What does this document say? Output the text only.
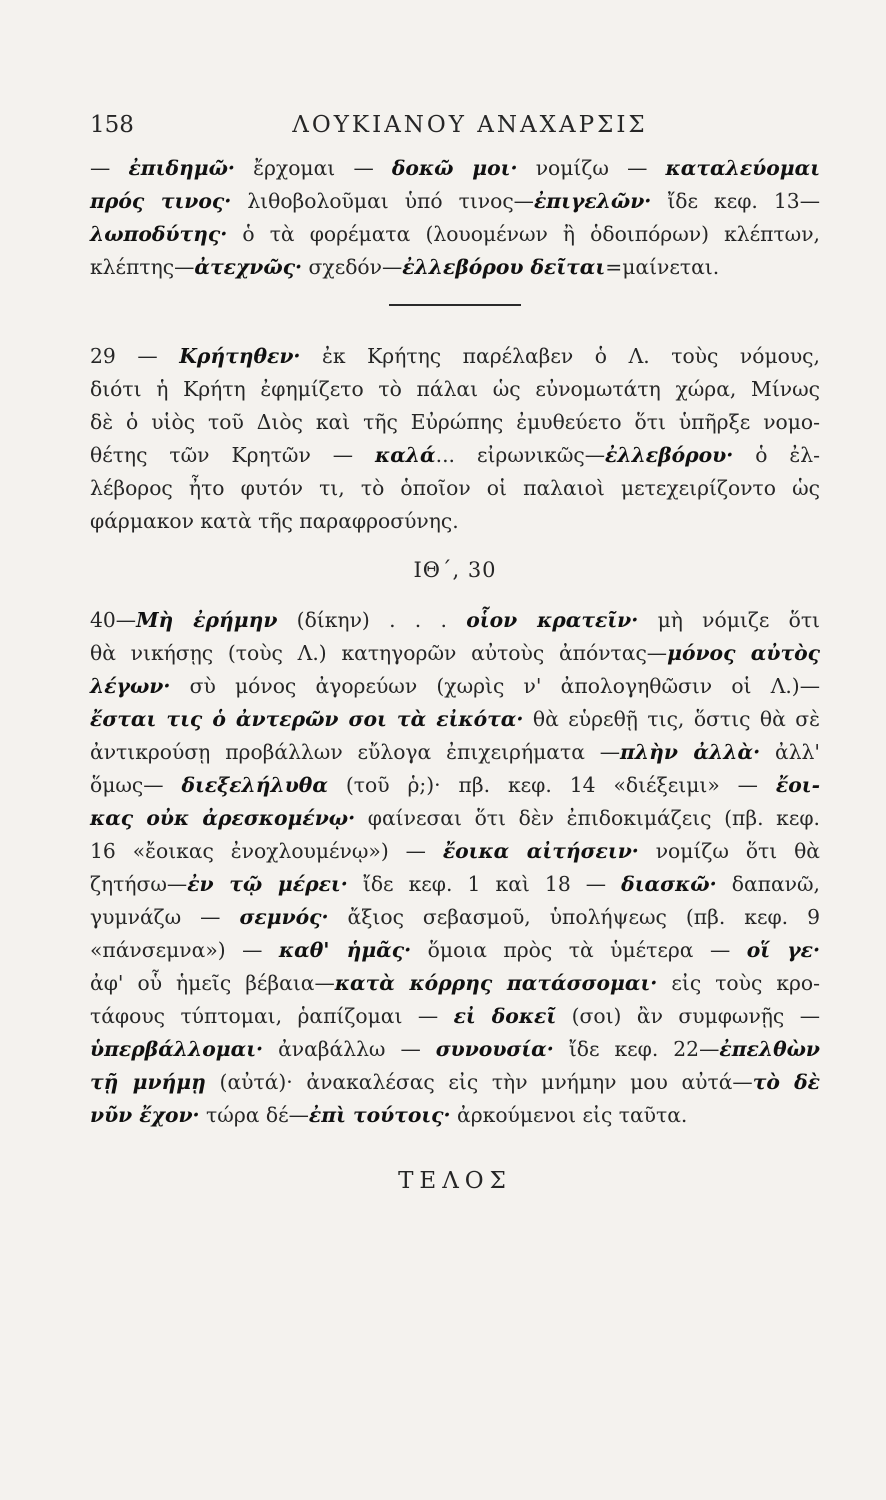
158	ΛΟΥΚΙΑΝΟΥ ΑΝΑΧΑΡΣΙΣ
— ἐπιδημῶ· ἔρχομαι — δοκῶ μοι· νομίζω — καταλεύομαι
πρός τινος· λιθοβολοῦμαι ὑπό τινος—ἐπιγελῶν· ἴδε κεφ. 13—
λωποδύτης· ὁ τὰ φορέματα (λουομένων ἢ ὁδοιπόρων) κλέπτων,
κλέπτης—ἀτεχνῶς· σχεδόν—ἐλλεβόρου δεῖται=μαίνεται.
29 — Κρήτηθεν· ἐκ Κρήτης παρέλαβεν ὁ Λ. τοὺς νόμους,
διότι ἡ Κρήτη ἐφημίζετο τὸ πάλαι ὡς εὐνομωτάτη χώρα, Μίνως
δὲ ὁ υἱὸς τοῦ Διὸς καὶ τῆς Εὐρώπης ἐμυθεύετο ὅτι ὑπῆρξε νομο-
θέτης τῶν Κρητῶν — καλά... εἰρωνικῶς—ἐλλεβόρου· ὁ ἐλ-
λέβορος ἦτο φυτόν τι, τὸ ὁποῖον οἱ παλαιοὶ μετεχειρίζοντο ὡς
φάρμακον κατὰ τῆς παραφροσύνης.
ΙΘ΄, 30
40—Μὴ ἐρήμην (δίκην) . . . οἷον κρατεῖν· μὴ νόμιζε ὅτι
θὰ νικήσῃς (τοὺς Λ.) κατηγορῶν αὐτοὺς ἀπόντας—μόνος αὐτὸς
λέγων· σὺ μόνος ἀγορεύων (χωρὶς ν' ἀπολογηθῶσιν οἱ Λ.)—
ἔσται τις ὁ ἀντερῶν σοι τὰ εἰκότα· θὰ εὑρεθῇ τις, ὅστις θὰ σὲ
ἀντικρούσῃ προβάλλων εὔλογα ἐπιχειρήματα —πλὴν ἀλλὰ· ἀλλ'
ὅμως— διεξελήλυθα (τοῦ ῥ;)· πβ. κεφ. 14 «διέξειμι» — ἔοι-
κας οὐκ ἀρεσκομένῳ· φαίνεσαι ὅτι δὲν ἐπιδοκιμάζεις (πβ. κεφ.
16 «ἔοικας ἐνοχλουμένῳ») — ἔοικα αἰτήσειν· νομίζω ὅτι θὰ
ζητήσω—ἐν τῷ μέρει· ἴδε κεφ. 1 καὶ 18 — διασκῶ· δαπανῶ,
γυμνάζω — σεμνός· ἄξιος σεβασμοῦ, ὑπολήψεως (πβ. κεφ. 9
«πάνσεμνα») — καθ' ἡμᾶς· ὅμοια πρὸς τὰ ὑμέτερα — οἵ γε·
ἀφ' οὗ ἡμεῖς βέβαια—κατὰ κόρρης πατάσσομαι· εἰς τοὺς κρο-
τάφους τύπτομαι, ῥαπίζομαι — εἰ δοκεῖ (σοι) ἂν συμφωνῇς —
ὑπερβάλλομαι· ἀναβάλλω — συνουσία· ἴδε κεφ. 22—ἐπελθὼν
τῇ μνήμῃ (αὐτά)· ἀνακαλέσας εἰς τὴν μνήμην μου αὐτά—τὸ δὲ
νῦν ἔχον· τώρα δέ—ἐπὶ τούτοις· ἀρκούμενοι εἰς ταῦτα.
ΤΕΛΟΣ
